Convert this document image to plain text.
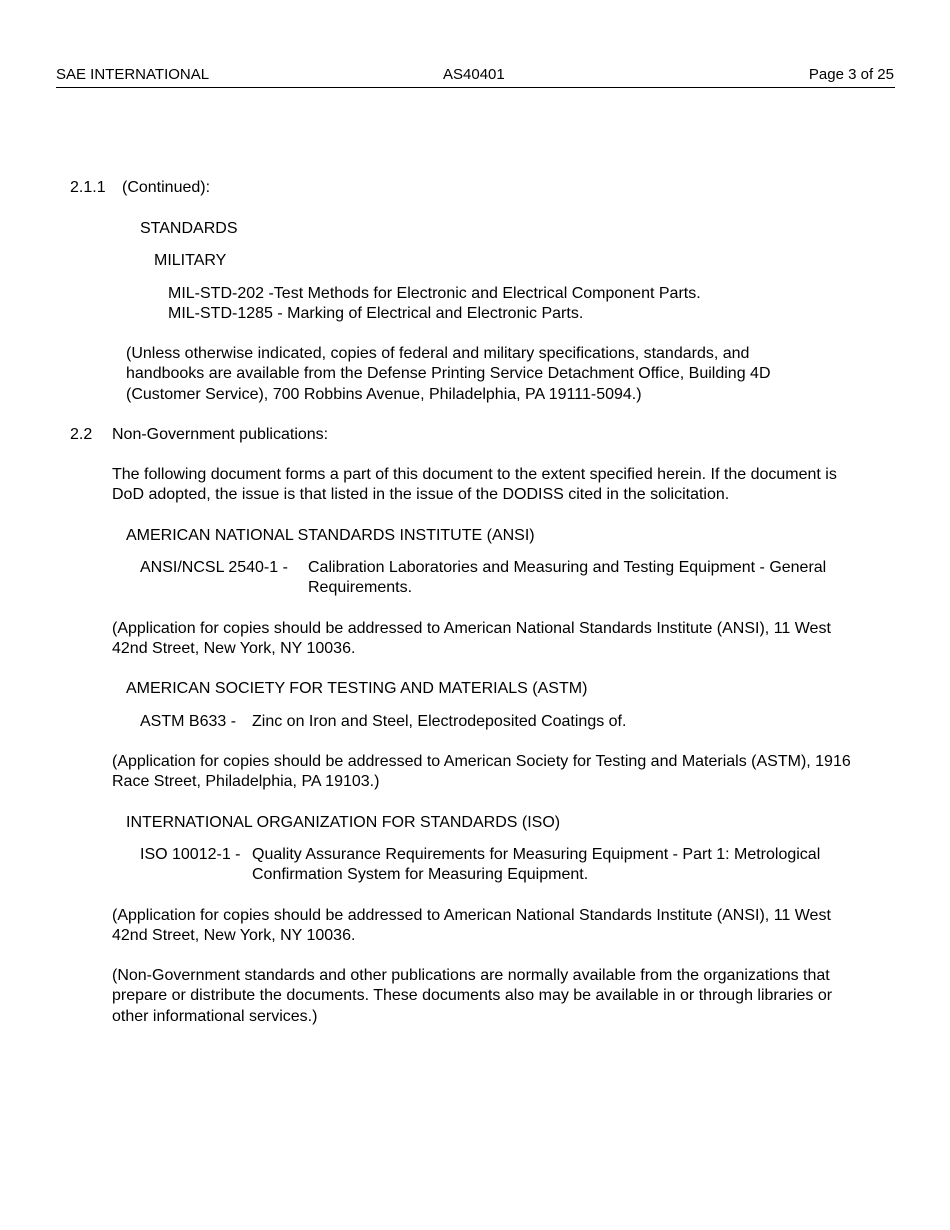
SAE INTERNATIONAL	AS40401	Page 3 of 25
2.1.1 (Continued):
STANDARDS
MILITARY
MIL-STD-202 -Test Methods for Electronic and Electrical Component Parts.
MIL-STD-1285 - Marking of Electrical and Electronic Parts.
(Unless otherwise indicated, copies of federal and military specifications, standards, and handbooks are available from the Defense Printing Service Detachment Office, Building 4D (Customer Service), 700 Robbins Avenue, Philadelphia, PA 19111-5094.)
2.2 Non-Government publications:
The following document forms a part of this document to the extent specified herein. If the document is DoD adopted, the issue is that listed in the issue of the DODISS cited in the solicitation.
AMERICAN NATIONAL STANDARDS INSTITUTE (ANSI)
ANSI/NCSL 2540-1 - Calibration Laboratories and Measuring and Testing Equipment - General Requirements.
(Application for copies should be addressed to American National Standards Institute (ANSI), 11 West 42nd Street, New York, NY 10036.
AMERICAN SOCIETY FOR TESTING AND MATERIALS (ASTM)
ASTM B633 - Zinc on Iron and Steel, Electrodeposited Coatings of.
(Application for copies should be addressed to American Society for Testing and Materials (ASTM), 1916 Race Street, Philadelphia, PA 19103.)
INTERNATIONAL ORGANIZATION FOR STANDARDS (ISO)
ISO 10012-1 - Quality Assurance Requirements for Measuring Equipment - Part 1: Metrological Confirmation System for Measuring Equipment.
(Application for copies should be addressed to American National Standards Institute (ANSI), 11 West 42nd Street, New York, NY 10036.
(Non-Government standards and other publications are normally available from the organizations that prepare or distribute the documents. These documents also may be available in or through libraries or other informational services.)
